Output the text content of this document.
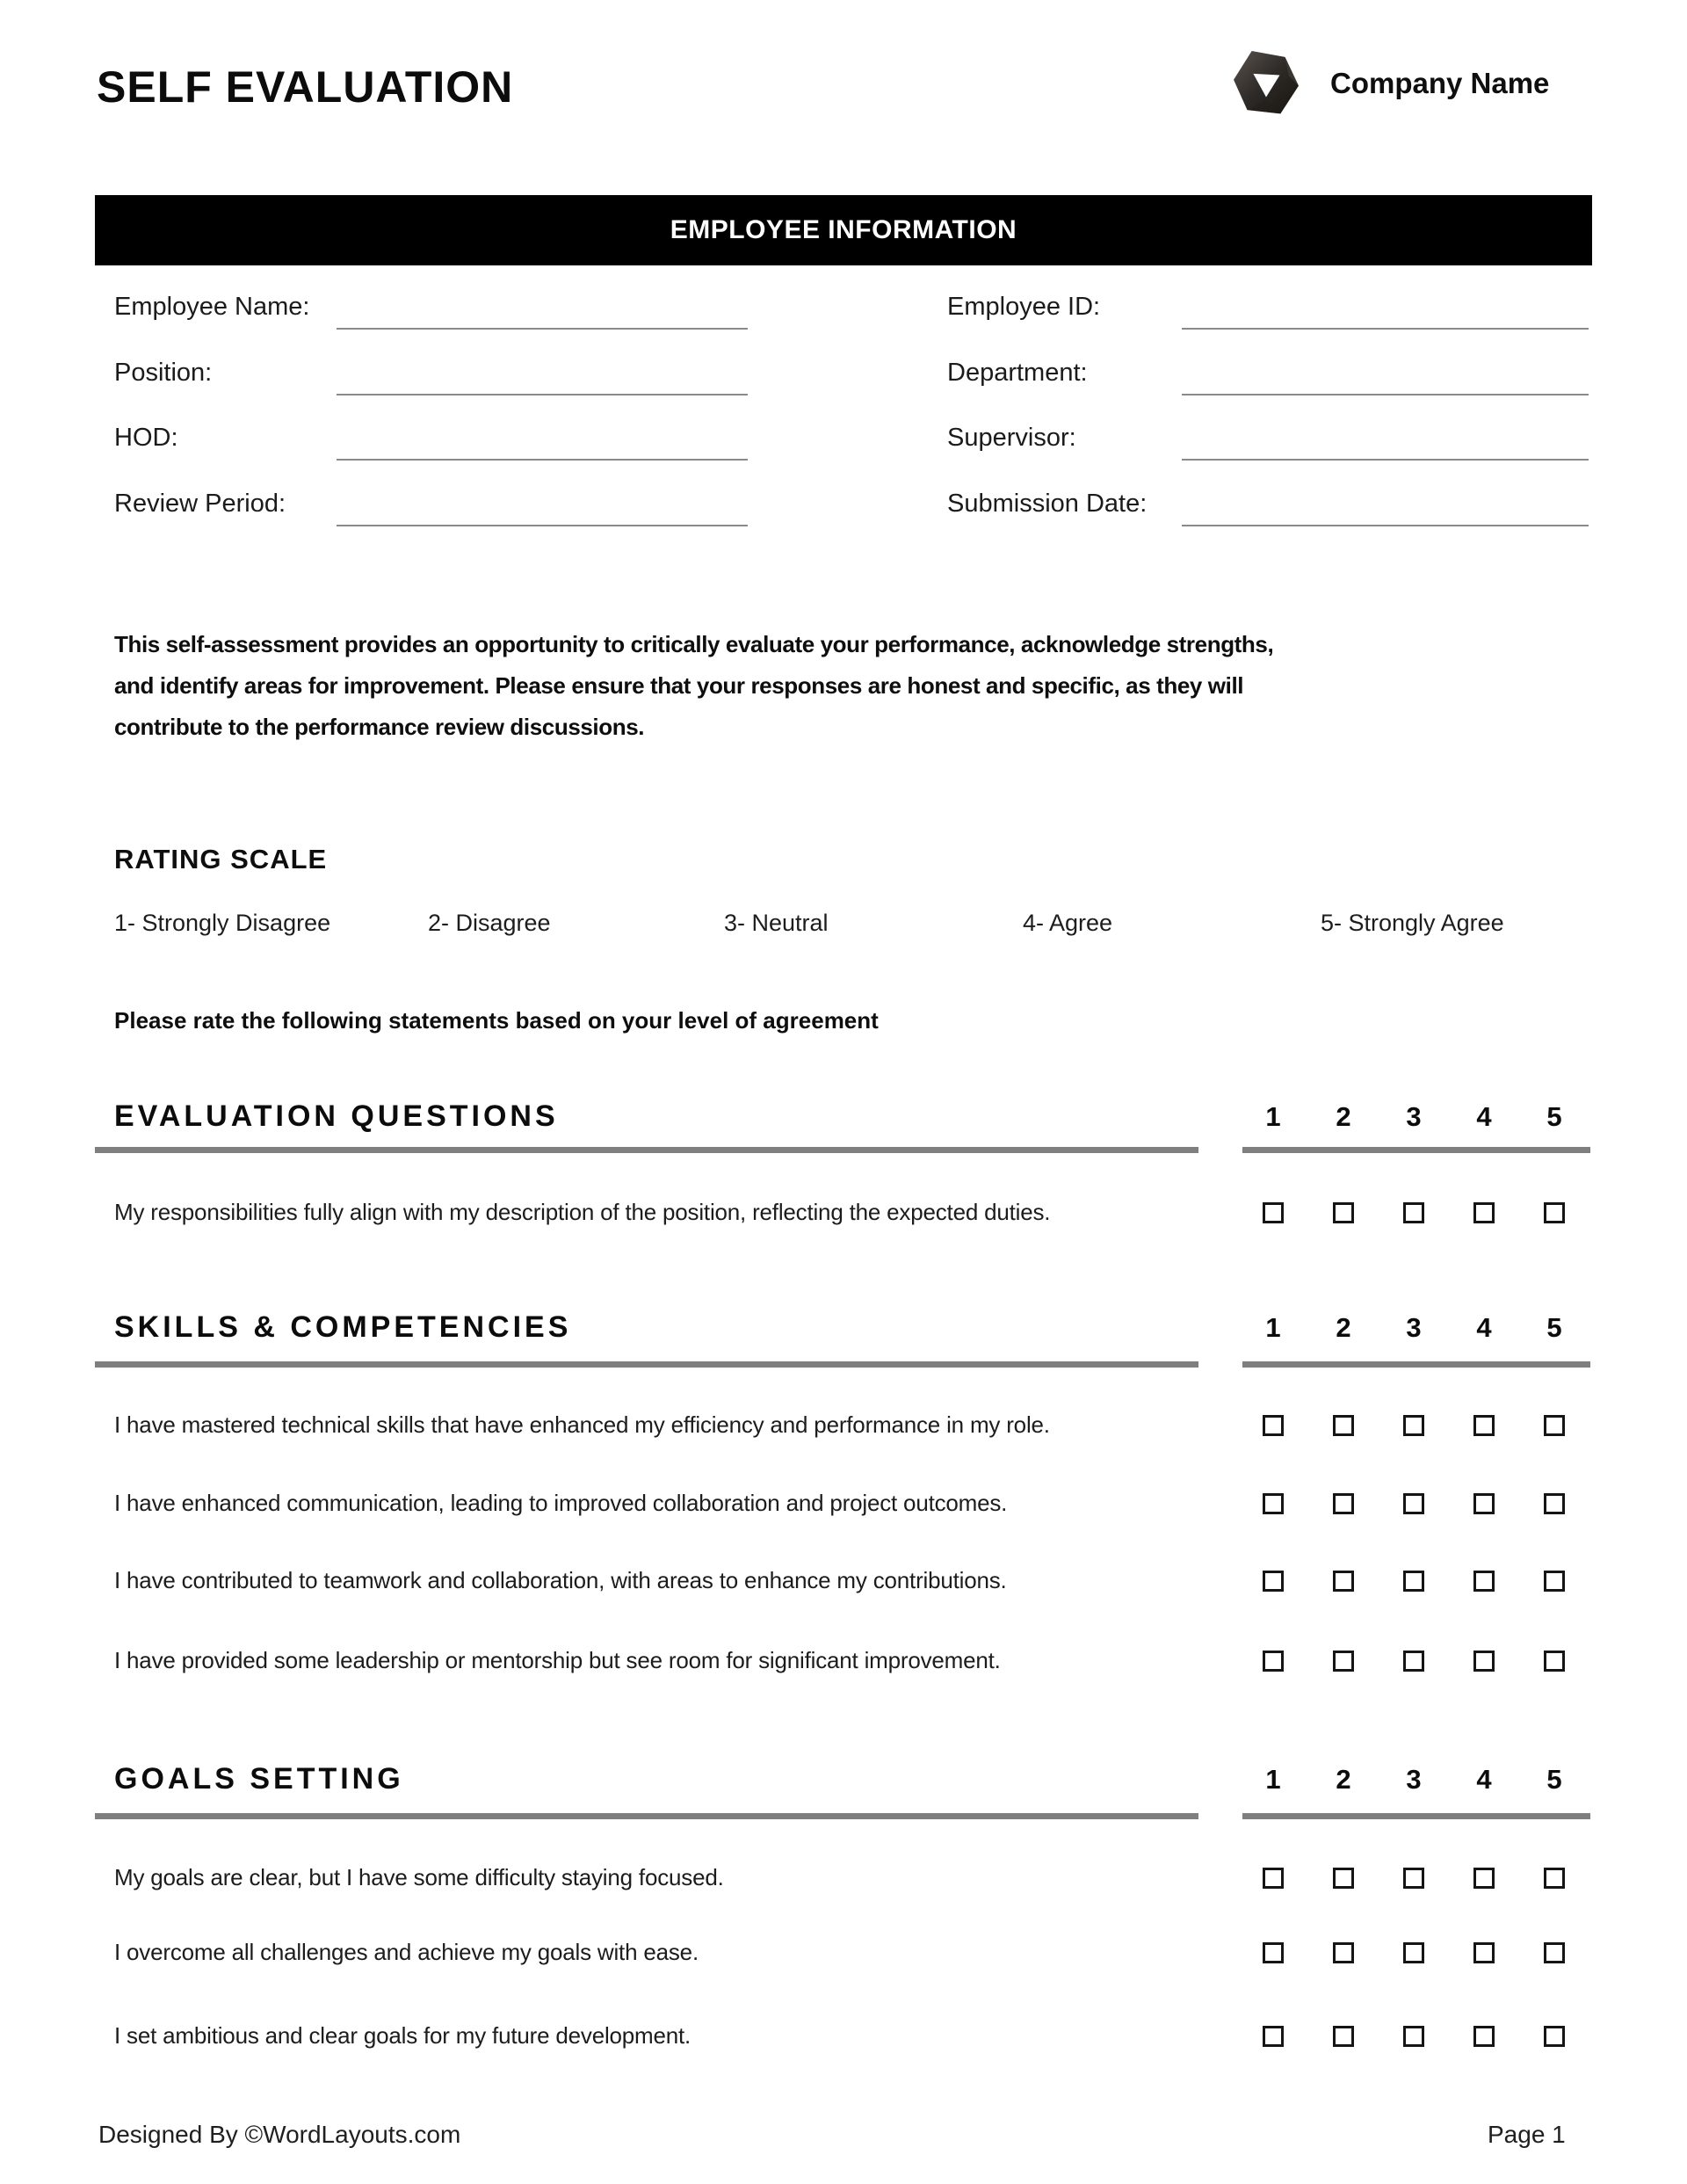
SELF EVALUATION	Company Name
EMPLOYEE INFORMATION
This self-assessment provides an opportunity to critically evaluate your performance, acknowledge strengths,
and identify areas for improvement. Please ensure that your responses are honest and specific, as they will
contribute to the performance review discussions.
RATING SCALE
Please rate the following statements based on your level of agreement
Designed By ©WordLayouts.com	Page 1
Employee Name:	Employee ID:
Position:	Department:
HOD:	Supervisor:
Review Period:	Submission Date:
1- Strongly Disagree	2- Disagree	3- Neutral	4- Agree	5- Strongly Agree
EVALUATION QUESTIONS	1	2	3	4	5
My responsibilities fully align with my description of the position, reflecting the expected duties.
SKILLS & COMPETENCIES	1	2	3	4	5
I have mastered technical skills that have enhanced my efficiency and performance in my role.
I have enhanced communication, leading to improved collaboration and project outcomes.
I have contributed to teamwork and collaboration, with areas to enhance my contributions.
I have provided some leadership or mentorship but see room for significant improvement.
GOALS SETTING	1	2	3	4	5
My goals are clear, but I have some difficulty staying focused.
I overcome all challenges and achieve my goals with ease.
I set ambitious and clear goals for my future development.
